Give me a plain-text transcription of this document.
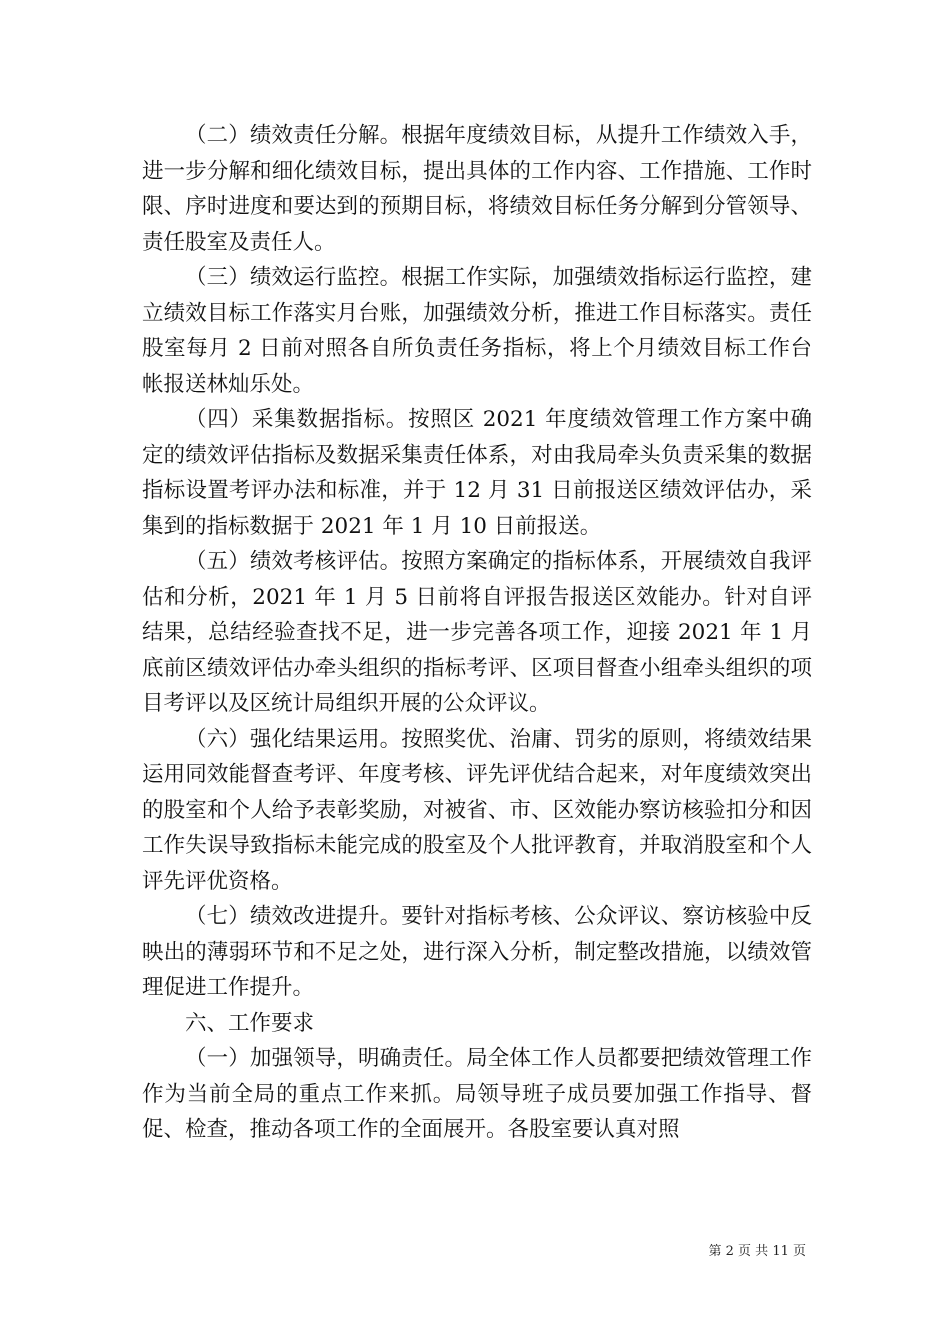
（二）绩效责任分解。根据年度绩效目标，从提升工作绩效入手，进一步分解和细化绩效目标，提出具体的工作内容、工作措施、工作时限、序时进度和要达到的预期目标，将绩效目标任务分解到分管领导、责任股室及责任人。

（三）绩效运行监控。根据工作实际，加强绩效指标运行监控，建立绩效目标工作落实月台账，加强绩效分析，推进工作目标落实。责任股室每月 2 日前对照各自所负责任务指标，将上个月绩效目标工作台帐报送林灿乐处。

（四）采集数据指标。按照区 2021 年度绩效管理工作方案中确定的绩效评估指标及数据采集责任体系，对由我局牵头负责采集的数据指标设置考评办法和标准，并于 12 月 31 日前报送区绩效评估办，采集到的指标数据于 2021 年 1 月 10 日前报送。

（五）绩效考核评估。按照方案确定的指标体系，开展绩效自我评估和分析，2021 年 1 月 5 日前将自评报告报送区效能办。针对自评结果，总结经验查找不足，进一步完善各项工作，迎接 2021 年 1 月底前区绩效评估办牵头组织的指标考评、区项目督查小组牵头组织的项目考评以及区统计局组织开展的公众评议。

（六）强化结果运用。按照奖优、治庸、罚劣的原则，将绩效结果运用同效能督查考评、年度考核、评先评优结合起来，对年度绩效突出的股室和个人给予表彰奖励，对被省、市、区效能办察访核验扣分和因工作失误导致指标未能完成的股室及个人批评教育，并取消股室和个人评先评优资格。

（七）绩效改进提升。要针对指标考核、公众评议、察访核验中反映出的薄弱环节和不足之处，进行深入分析，制定整改措施，以绩效管理促进工作提升。

六、工作要求

（一）加强领导，明确责任。局全体工作人员都要把绩效管理工作作为当前全局的重点工作来抓。局领导班子成员要加强工作指导、督促、检查，推动各项工作的全面展开。各股室要认真对照

第 2 页 共 11 页
